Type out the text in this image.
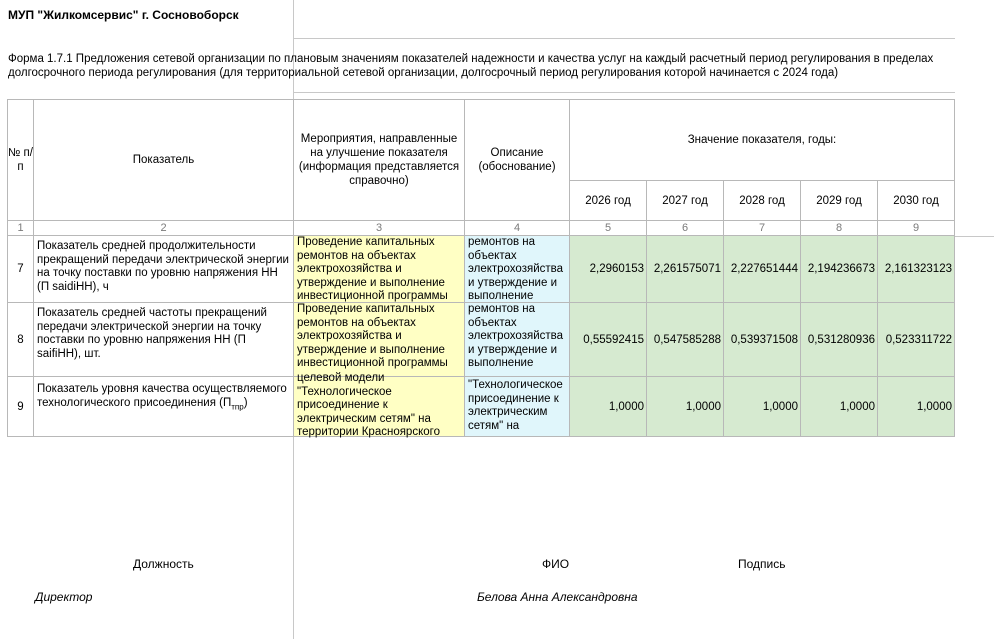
МУП "Жилкомсервис" г. Сосновоборск
Форма 1.7.1 Предложения сетевой организации по плановым значениям показателей надежности и качества услуг на каждый расчетный период регулирования в пределах долгосрочного периода регулирования (для территориальной сетевой организации, долгосрочный период регулирования которой начинается с 2024 года)
№ п/п	Показатель	Мероприятия, направленные на улучшение показателя (информация представляется справочно)	Описание (обоснование)	Значение показателя, годы:				
				2026 год	2027 год	2028 год	2029 год	2030 год
1	2	3	4	5	6	7	8	9
7	Показатель средней продолжительности прекращений передачи электрической энергии на точку поставки по уровню напряжения НН (П saidiНН), ч	Проведение капитальных ремонтов на объектах электрохозяйства и утверждение и выполнение инвестиционной программы	ремонтов на объектах электрохозяйства и утверждение и выполнение	2,2960153	2,261575071	2,227651444	2,194236673	2,161323123
8	Показатель средней частоты прекращений передачи электрической энергии на точку поставки по уровню напряжения НН (П saifiНН), шт.	Проведение капитальных ремонтов на объектах электрохозяйства и утверждение и выполнение инвестиционной программы	ремонтов на объектах электрохозяйства и утверждение и выполнение	0,55592415	0,547585288	0,539371508	0,531280936	0,523311722
9	Показатель уровня качества осуществляемого технологического присоединения $(П_{тпр})$	целевой модели "Технологическое присоединение к электрическим сетям" на территории Красноярского	"Технологическое присоединение к электрическим сетям" на	1,0000	1,0000	1,0000	1,0000	1,0000
Должность	ФИО	Подпись
Директор	Белова Анна Александровна
